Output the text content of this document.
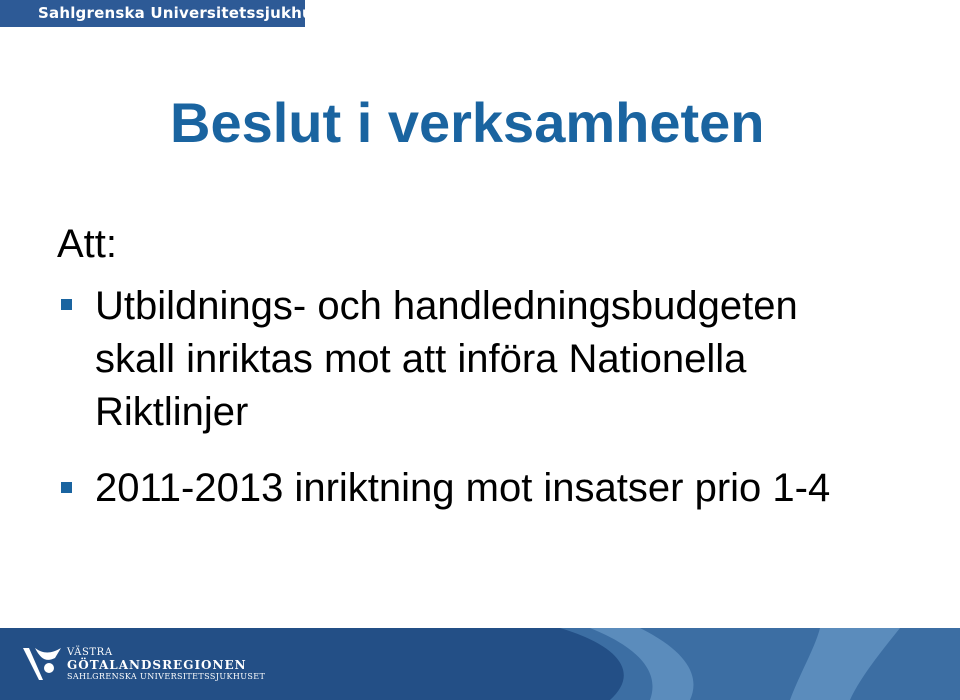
Sahlgrenska Universitetssjukhuset
Beslut i verksamheten
Att:
Utbildnings- och handledningsbudgeten skall inriktas mot att införa Nationella Riktlinjer
2011-2013 inriktning mot insatser prio 1-4
VÄSTRA
GÖTALANDSREGIONEN
SAHLGRENSKA UNIVERSITETSSJUKHUSET
